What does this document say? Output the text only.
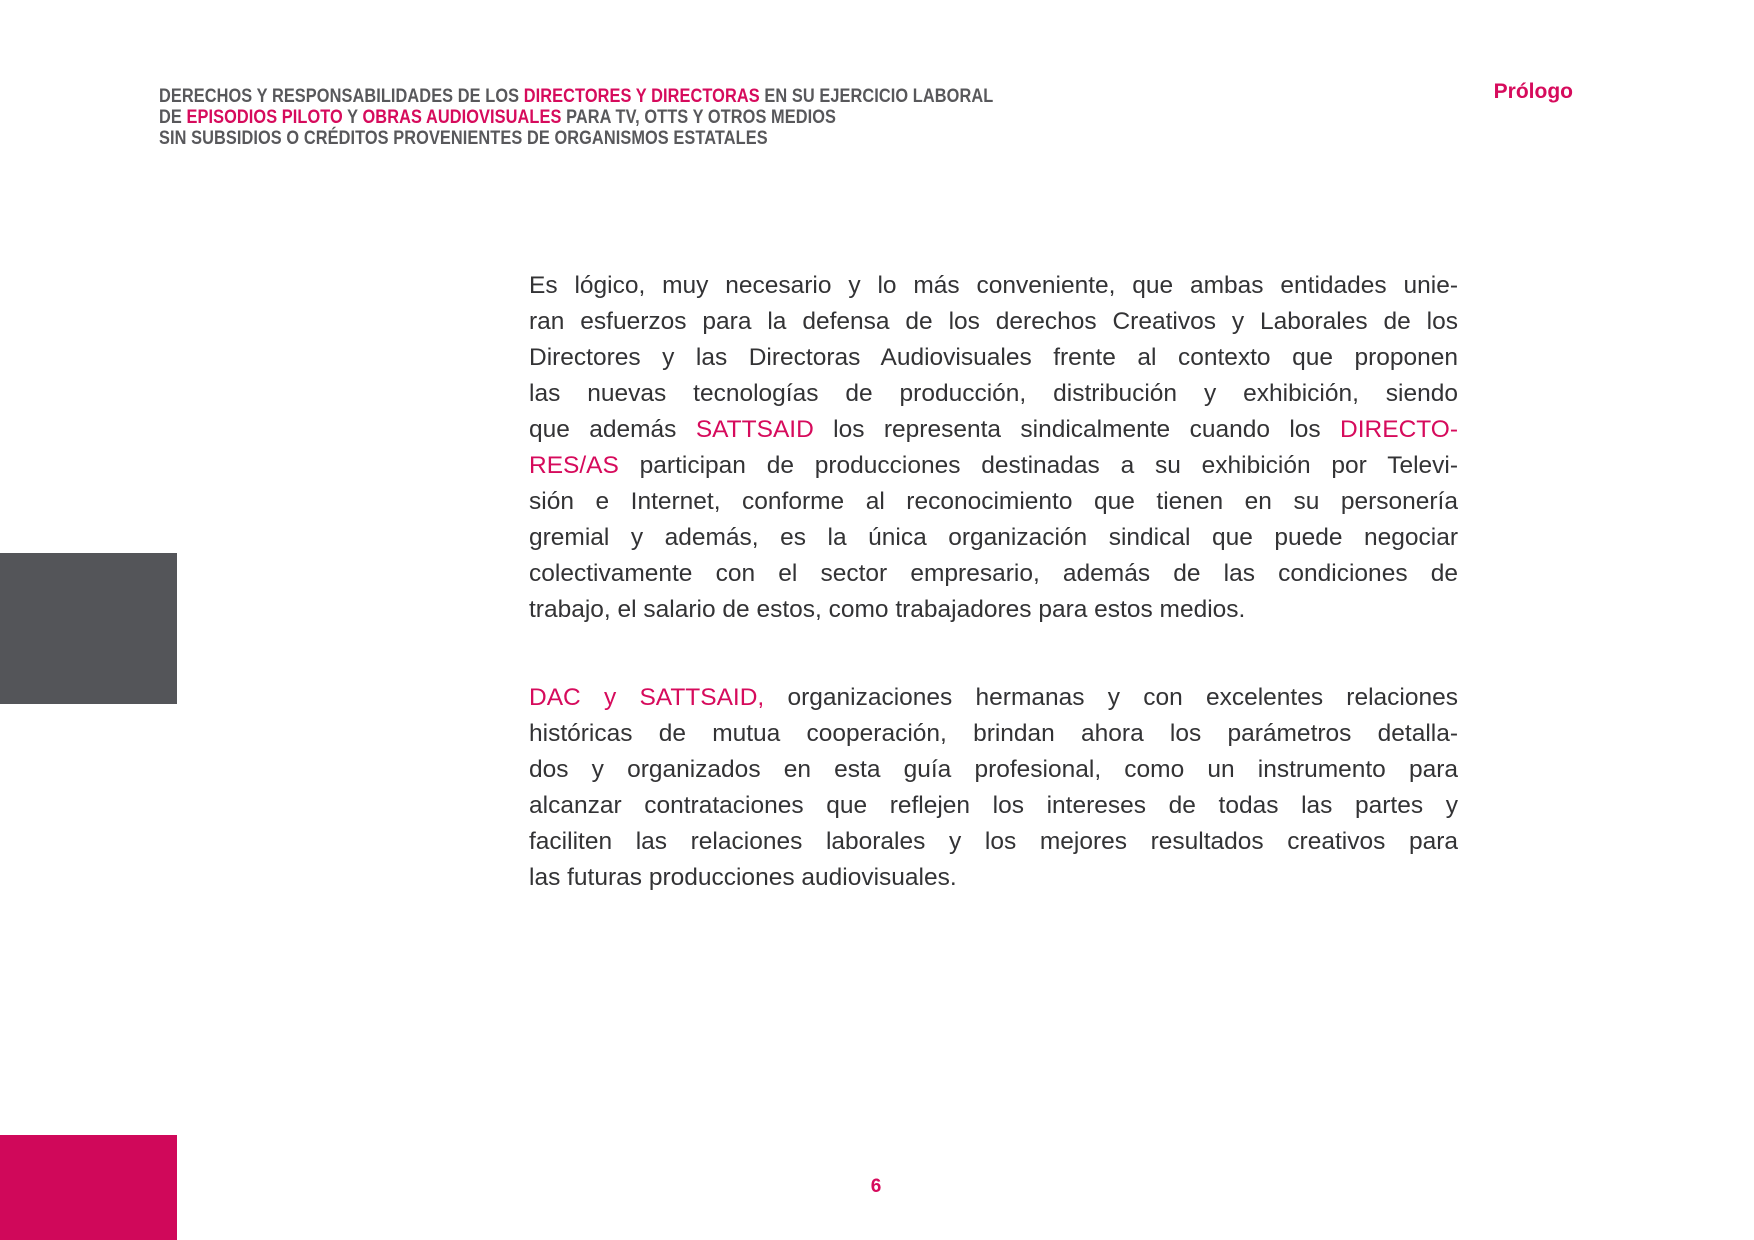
DERECHOS Y RESPONSABILIDADES DE LOS DIRECTORES Y DIRECTORAS EN SU EJERCICIO LABORAL
DE EPISODIOS PILOTO Y OBRAS AUDIOVISUALES PARA TV, OTTS Y OTROS MEDIOS
SIN SUBSIDIOS O CRÉDITOS PROVENIENTES DE ORGANISMOS ESTATALES
Prólogo
Es lógico, muy necesario y lo más conveniente, que ambas entidades unie-
ran esfuerzos para la defensa de los derechos Creativos y Laborales de los
Directores y las Directoras Audiovisuales frente al contexto que proponen
las nuevas tecnologías de producción, distribución y exhibición, siendo
que además SATTSAID los representa sindicalmente cuando los DIRECTO-
RES/AS participan de producciones destinadas a su exhibición por Televi-
sión e Internet, conforme al reconocimiento que tienen en su personería
gremial y además, es la única organización sindical que puede negociar
colectivamente con el sector empresario, además de las condiciones de
trabajo, el salario de estos, como trabajadores para estos medios.
DAC y SATTSAID, organizaciones hermanas y con excelentes relaciones
históricas de mutua cooperación, brindan ahora los parámetros detalla-
dos y organizados en esta guía profesional, como un instrumento para
alcanzar contrataciones que reflejen los intereses de todas las partes y
faciliten las relaciones laborales y los mejores resultados creativos para
las futuras producciones audiovisuales.
6
